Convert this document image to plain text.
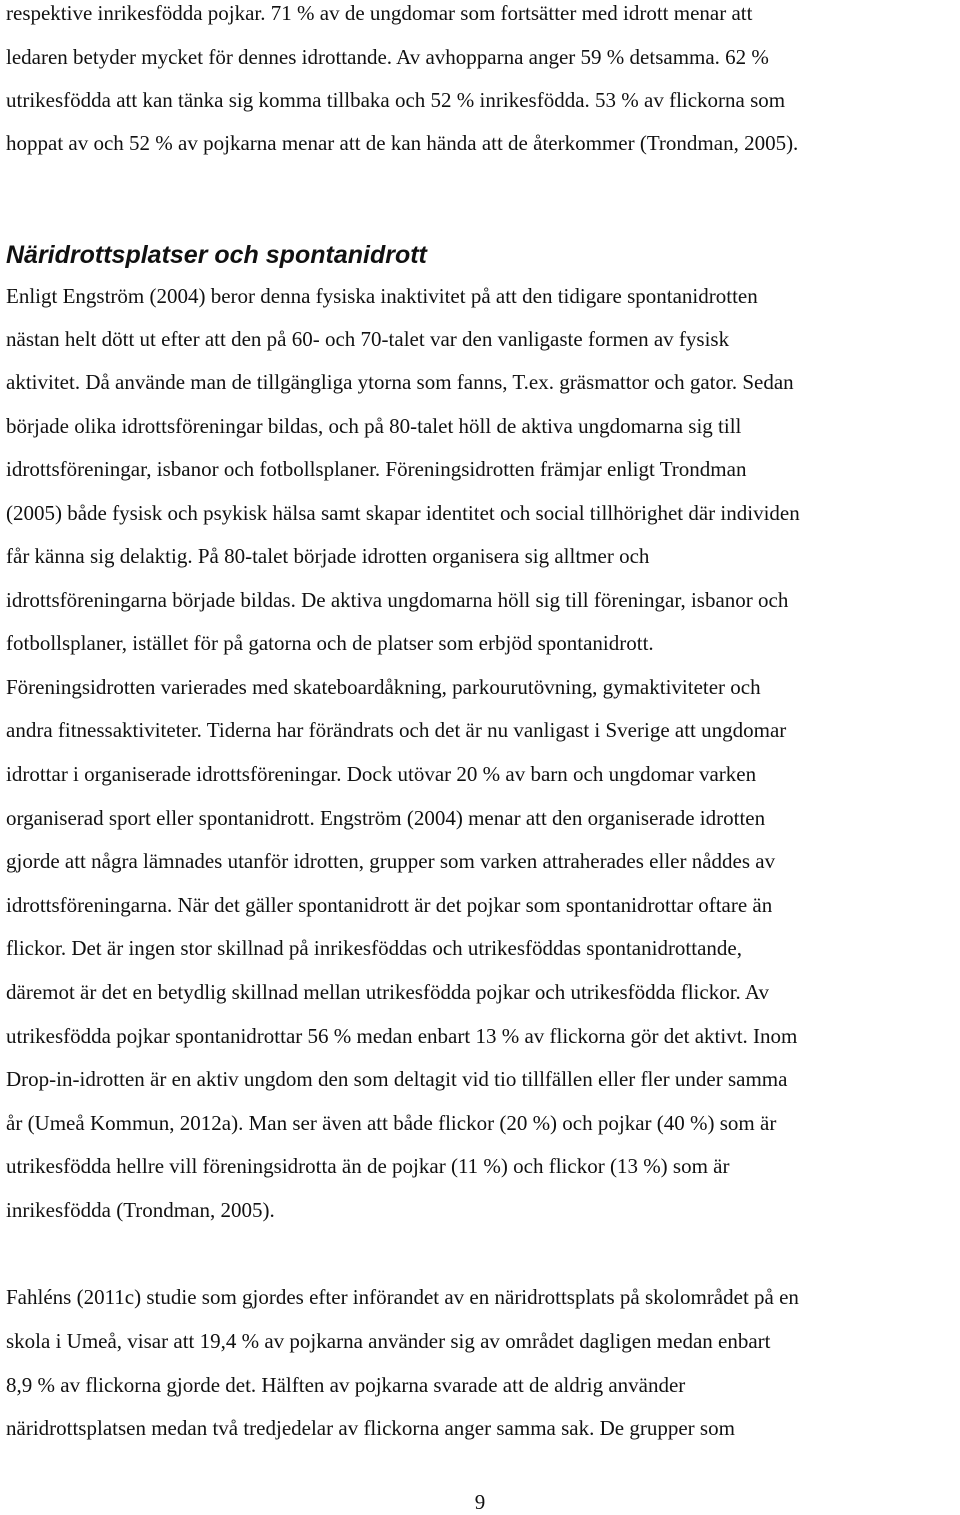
respektive inrikesfödda pojkar. 71 % av de ungdomar som fortsätter med idrott menar att
ledaren betyder mycket för dennes idrottande. Av avhopparna anger 59 % detsamma. 62 %
utrikesfödda att kan tänka sig komma tillbaka och 52 % inrikesfödda. 53 % av flickorna som
hoppat av och 52 % av pojkarna menar att de kan hända att de återkommer (Trondman, 2005).
Näridrottsplatser och spontanidrott
Enligt Engström (2004) beror denna fysiska inaktivitet på att den tidigare spontanidrotten
nästan helt dött ut efter att den på 60- och 70-talet var den vanligaste formen av fysisk
aktivitet. Då använde man de tillgängliga ytorna som fanns, T.ex. gräsmattor och gator. Sedan
började olika idrottsföreningar bildas, och på 80-talet höll de aktiva ungdomarna sig till
idrottsföreningar, isbanor och fotbollsplaner. Föreningsidrotten främjar enligt Trondman
(2005) både fysisk och psykisk hälsa samt skapar identitet och social tillhörighet där individen
får känna sig delaktig. På 80-talet började idrotten organisera sig alltmer och
idrottsföreningarna började bildas. De aktiva ungdomarna höll sig till föreningar, isbanor och
fotbollsplaner, istället för på gatorna och de platser som erbjöd spontanidrott.
Föreningsidrotten varierades med skateboardåkning, parkourutövning, gymaktiviteter och
andra fitnessaktiviteter. Tiderna har förändrats och det är nu vanligast i Sverige att ungdomar
idrottar i organiserade idrottsföreningar. Dock utövar 20 % av barn och ungdomar varken
organiserad sport eller spontanidrott. Engström (2004) menar att den organiserade idrotten
gjorde att några lämnades utanför idrotten, grupper som varken attraherades eller nåddes av
idrottsföreningarna. När det gäller spontanidrott är det pojkar som spontanidrottar oftare än
flickor. Det är ingen stor skillnad på inrikesföddas och utrikesföddas spontanidrottande,
däremot är det en betydlig skillnad mellan utrikesfödda pojkar och utrikesfödda flickor. Av
utrikesfödda pojkar spontanidrottar 56 % medan enbart 13 % av flickorna gör det aktivt. Inom
Drop-in-idrotten är en aktiv ungdom den som deltagit vid tio tillfällen eller fler under samma
år (Umeå Kommun, 2012a). Man ser även att både flickor (20 %) och pojkar (40 %) som är
utrikesfödda hellre vill föreningsidrotta än de pojkar (11 %) och flickor (13 %) som är
inrikesfödda (Trondman, 2005).
Fahléns (2011c) studie som gjordes efter införandet av en näridrottsplats på skolområdet på en
skola i Umeå, visar att 19,4 % av pojkarna använder sig av området dagligen medan enbart
8,9 % av flickorna gjorde det. Hälften av pojkarna svarade att de aldrig använder
näridrottsplatsen medan två tredjedelar av flickorna anger samma sak. De grupper som
9
